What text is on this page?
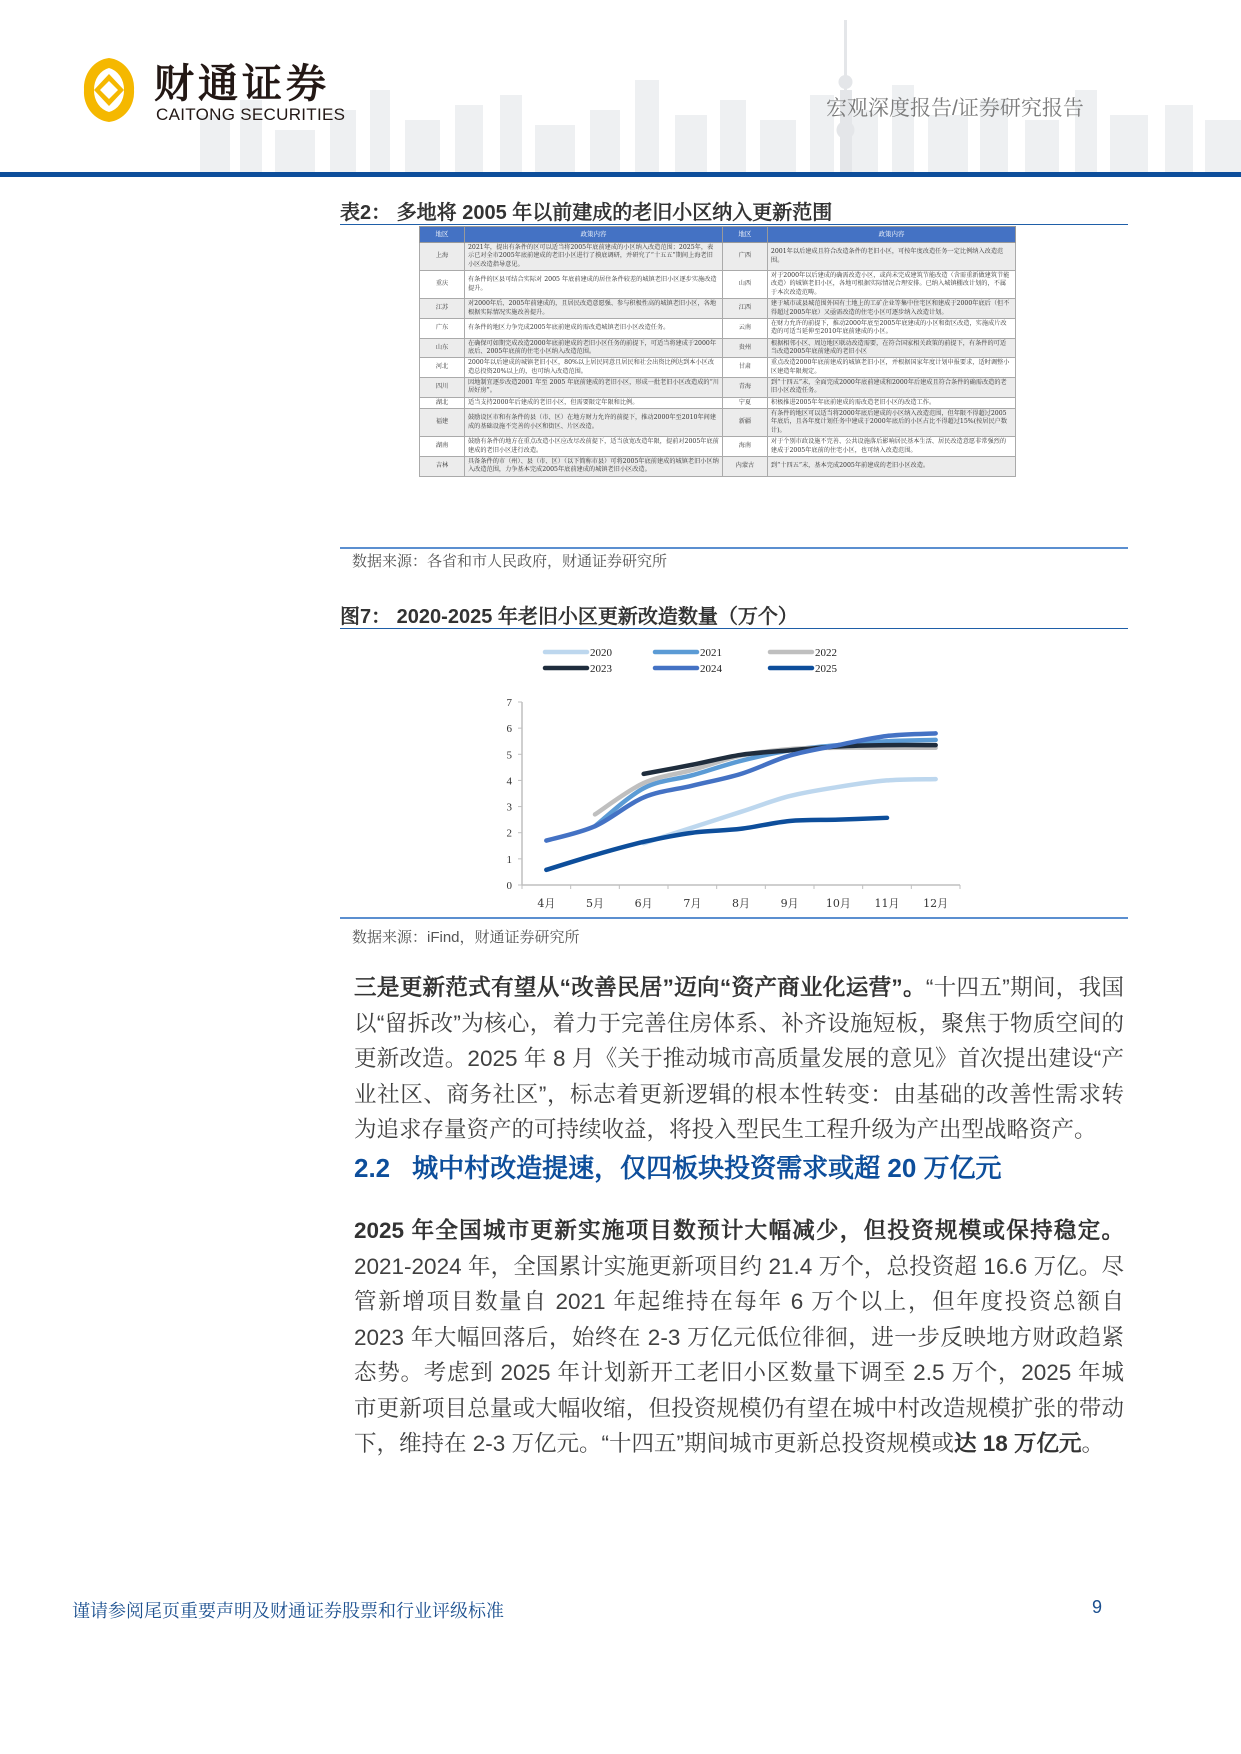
财通证券
CAITONG SECURITIES	宏观深度报告/证券研究报告
表2： 多地将 2005 年以前建成的老旧小区纳入更新范围
地区	政策内容	地区	政策内容
上海	2021年，提出有条件的区可以适当将2005年底前建成的小区纳入改造范围；2025年，表示已对全市2005年底前建成的老旧小区进行了摸底调研，并研究了“十五五”期间上海老旧小区改造指导意见。	广西	2001年以后建成且符合改造条件的老旧小区，可按年度改造任务一定比例纳入改造范围。
重庆	有条件的区县可结合实际对 2005 年底前建成的居住条件较差的城镇老旧小区逐步实施改造提升。	山西	对于2000年以后建成的确需改造小区，或尚未完成建筑节能改造（含需重新做建筑节能改造）的城镇老旧小区，各地可根据实际情况合理安排。已纳入城镇棚改计划的，不属于本次改造范畴。
江苏	对2000年后、2005年前建成的，且居民改造意愿强、参与积极性高的城镇老旧小区，各地根据实际情况实施改善提升。	江西	建于城市或县城范围外国有土地上的工矿企业等集中住宅区和建成于2000年底后（但不得超过2005年底）又亟需改造的住宅小区可逐步纳入改造计划。
广东	有条件的地区力争完成2005年底前建成的需改造城镇老旧小区改造任务。	云南	在财力允许的前提下，推动2000年底至2005年底建成的小区和街区改造，实施成片改造的可适当延伸至2010年底前建成的小区。
山东	在确保可如期完成改造2000年底前建成的老旧小区任务的前提下，可适当将建成于2000年底后、2005年底前的住宅小区纳入改造范围。	贵州	根据相邻小区、周边地区联动改造需要，在符合国家相关政策的前提下，有条件的可适当改造2005年底前建成的老旧小区
河北	2000年以后建成的城镇老旧小区，80%以上居民同意且居民和社会出资比例达到本小区改造总投资20%以上的，也可纳入改造范围。	甘肃	重点改造2000年底前建成的城镇老旧小区，并根据国家年度计划申报要求，适时调整小区建造年限规定。
四川	因地制宜逐步改造2001 年至 2005 年底前建成的老旧小区，形成一批老旧小区改造成的“川居好房”。	青海	到“十四五”末，全面完成2000年底前建成和2000年后建成且符合条件的确需改造的老旧小区改造任务。
湖北	适当支持2000年后建成的老旧小区，但需要限定年限和比例。	宁夏	积极推进2005年年底前建成的需改造老旧小区的改造工作。
福建	鼓励设区市和有条件的县（市、区）在地方财力允许的前提下，推动2000年至2010年间建成的基础设施不完善的小区和街区、片区改造。	新疆	有条件的地区可以适当将2000年底后建成的小区纳入改造范围，但年限不得超过2005年底后，且各年度计划任务中建成于2000年底后的小区占比不得超过15%(按居民户数计)。
湖南	鼓励有条件的地方在重点改造小区应改尽改前提下，适当放宽改造年限，提前对2005年底前建成的老旧小区进行改造。	海南	对于个别市政设施不完善、公共设施落后影响居民基本生活、居民改造意愿非常强烈的建成于2005年底前的住宅小区，也可纳入改造范围。
吉林	具备条件的市（州）、县（市、区）（以下简称市县）可将2005年底前建成的城镇老旧小区纳入改造范围，力争基本完成2005年底前建成的城镇老旧小区改造。	内蒙古	到“十四五”末，基本完成2005年前建成的老旧小区改造。
数据来源：各省和市人民政府，财通证券研究所
图7： 2020-2025 年老旧小区更新改造数量（万个）
0
1
2
3
4
5
6
7
4月	5月	6月	7月	8月	9月 10月 11月 12月
2020	2021	2022
2023	2024	2025
数据来源：iFind，财通证券研究所
三是更新范式有望从“改善民居”迈向“资产商业化运营”。“十四五”期间，我国以“留拆改”为核心，着力于完善住房体系、补齐设施短板，聚焦于物质空间的更新改造。2025 年 8 月《关于推动城市高质量发展的意见》首次提出建设“产业社区、商务社区”，标志着更新逻辑的根本性转变：由基础的改善性需求转为追求存量资产的可持续收益，将投入型民生工程升级为产出型战略资产。
2.2 城中村改造提速，仅四板块投资需求或超 20 万亿元
2025 年全国城市更新实施项目数预计大幅减少，但投资规模或保持稳定。2021-2024 年，全国累计实施更新项目约 21.4 万个，总投资超 16.6 万亿。尽管新增项目数量自 2021 年起维持在每年 6 万个以上，但年度投资总额自 2023 年大幅回落后，始终在 2-3 万亿元低位徘徊，进一步反映地方财政趋紧态势。考虑到 2025 年计划新开工老旧小区数量下调至 2.5 万个，2025 年城市更新项目总量或大幅收缩，但投资规模仍有望在城中村改造规模扩张的带动下，维持在 2-3 万亿元。“十四五”期间城市更新总投资规模或达 18 万亿元。
谨请参阅尾页重要声明及财通证券股票和行业评级标准	9
